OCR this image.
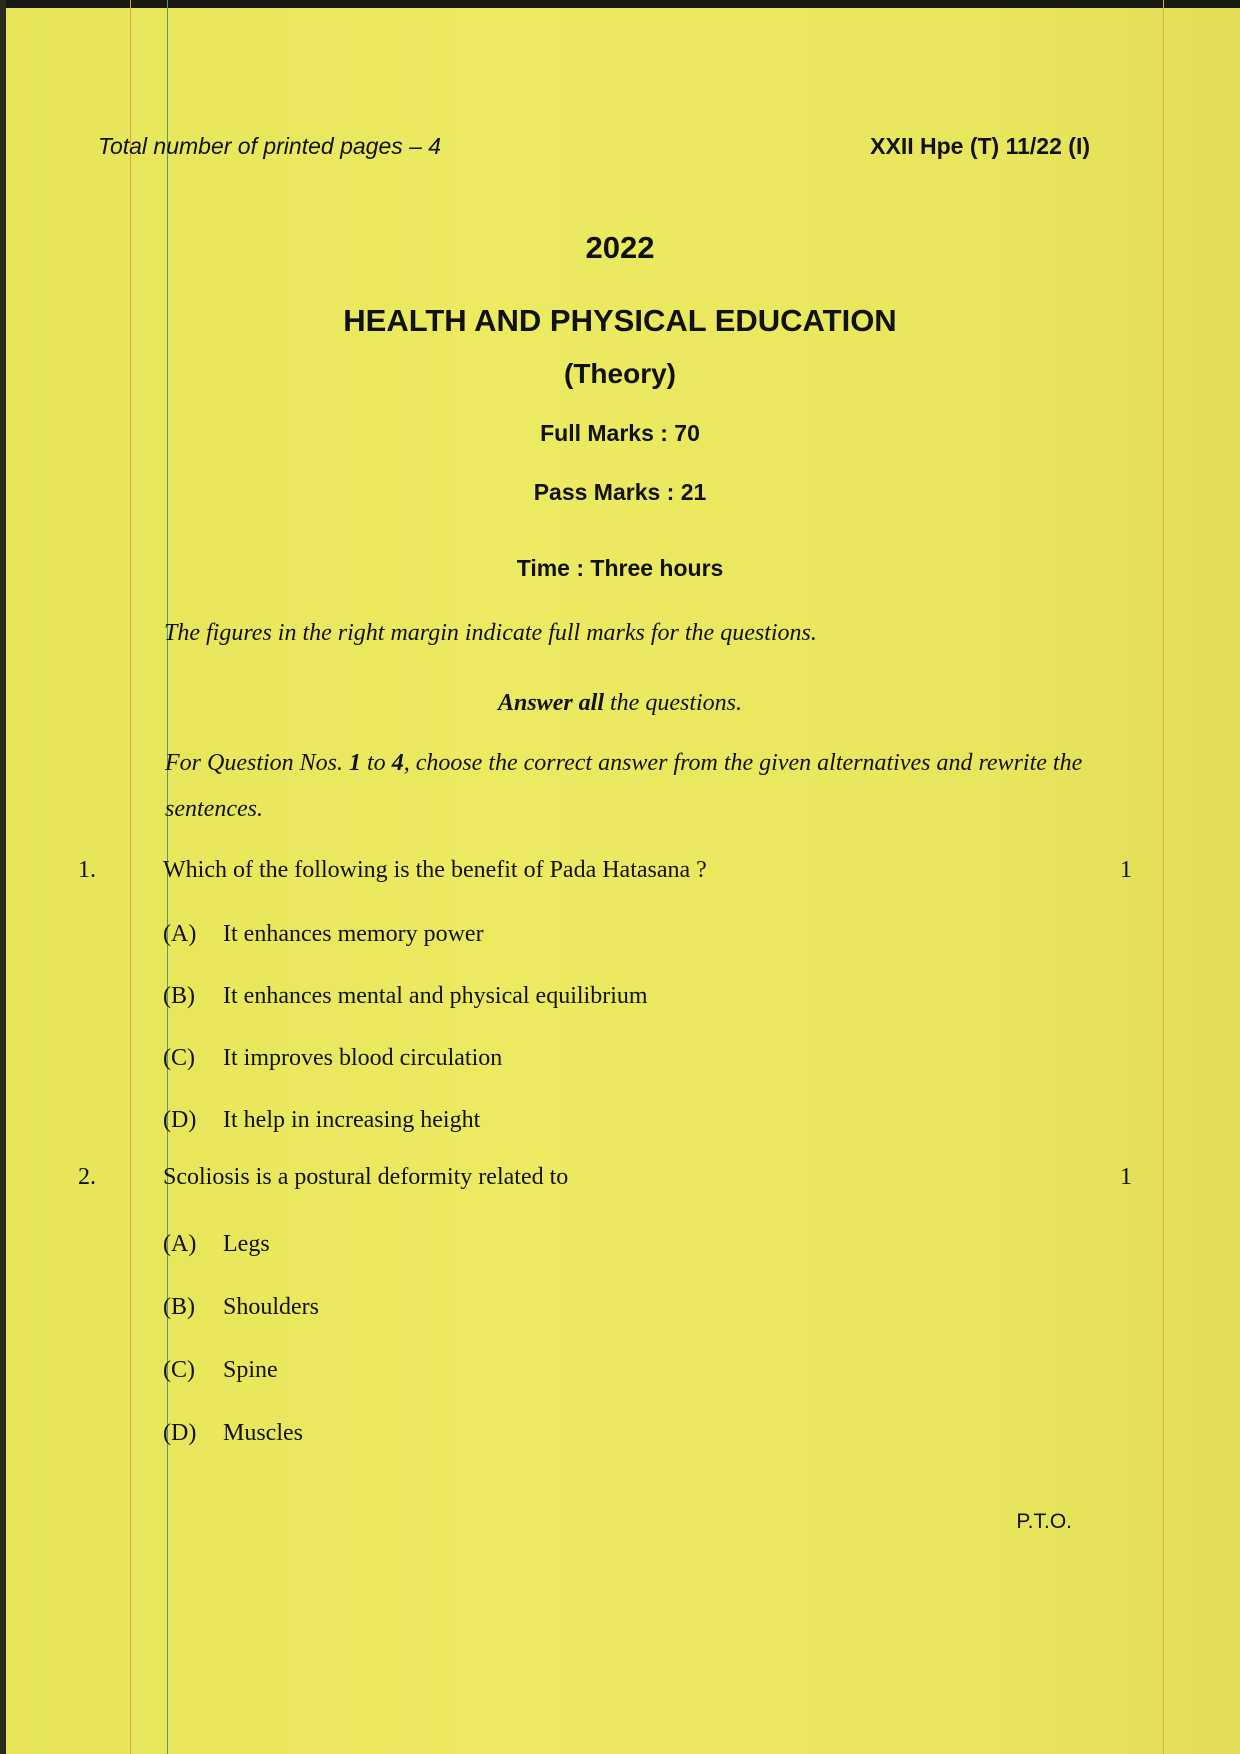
Total number of printed pages – 4	XXII Hpe (T) 11/22 (I)
2022
HEALTH AND PHYSICAL EDUCATION
(Theory)
Full Marks : 70
Pass Marks : 21
Time : Three hours
The figures in the right margin indicate full marks for the questions.
Answer all the questions.
For Question Nos. 1 to 4, choose the correct answer from the given alternatives and rewrite the sentences.
1.	Which of the following is the benefit of Pada Hatasana ?	1
(A) It enhances memory power
(B) It enhances mental and physical equilibrium
(C) It improves blood circulation
(D) It help in increasing height
2.	Scoliosis is a postural deformity related to	1
(A) Legs
(B) Shoulders
(C) Spine
(D) Muscles
P.T.O.
